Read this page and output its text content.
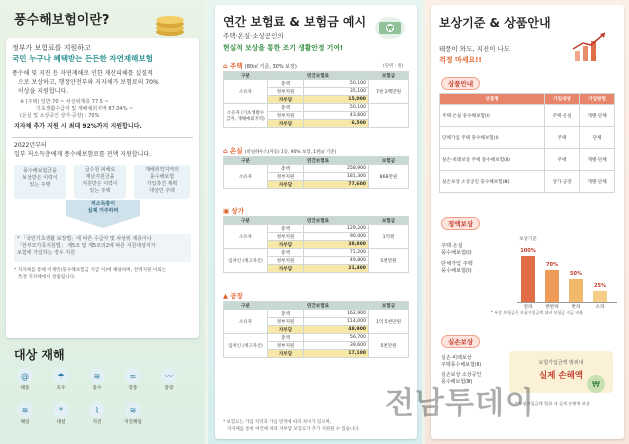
풍수해보험이란?
정부가 보험료를 지원하고
국민 누구나 혜택받는 든든한 자연재해보험
풍수해 및 지진 등 자연재해로 인한 재산피해를 실질적
으로 보상하고, 행정안전부와 지자체가 보험료의 70%
이상을 지원합니다.
※ (주택) 일반 70 ~ 차상위계층 77.5 ~
기초생활수급자 및 재해예외지역 87.04% ~
(온실 및 소상공인 상가·공장) : 70%
지자체 추가 지원 시 최대 92%까지 지원합니다.
2022년부터
일부 저소득층에게 풍수해보험료를 전액 지원합니다.
풍수해보험금을
보상받은 이력이
있는 주택
급수원 피해로
재난지원금을
지원받은 이력이
있는 주택
재해취약지역의
풍수해보험
가입촉진 계획
대상인 주택
저소득층이
실제 거주하며
* 「국민기초생활 보장법」에 따른 수급자 및 차상위 계층이나
「한부모가족지원법」 제5조 및 제5조의2에 따른 지원대상자가
보험에 가입하는 경우 지원
* 지자체를 통해 이재민(풍수해보험금 지급 이)에 해당하며, 전액지원 이외는
특정 지자체에서 창립됩니다.
대상 재해
@
태풍
☂
호우
≋
홍수
≈
강풍
〰
풍랑
≋
해일
*
대설
⌇
지진
≋
지진해일
연간 보험료 & 보험금 예시
주택·온실·소상공인의
현실적 보상을 통한 조기 생활안정 기여!
₩
⌂ 주택 (80㎡ 기준, 30% 보장)	(단위 : 원)
구분	연간보험료		보험금
소유자	총액	50,100	7천 2백만원
	정부지원	35,100	
	자부담	15,000	
소유자 (기초생활수급자, 재해예외지역)	총액	50,100	
	정부지원	43,600	
	자부담	6,500	
⌂ 온실 (비닐하우스(자동) 1동, 90% 보장, 1천㎡ 기준)
구분	연간보험료		보험금
소유자	총액	258,900	868만원
	정부지원	181,300	
	자부담	77,600	
▣ 상가
구분	연간보험료		보험금
소유자	총액	129,200	1억원
	정부지원	90,400	
	자부담	38,800	
임차인 (재고자산)	총액	71,200	5천만원
	정부지원	49,800	
	자부담	21,400	
▲ 공장
구분	연간보험료		보험금
소유자	총액	162,900	1억 5천만원
	정부지원	114,000	
	자부담	48,900	
임차인 (재고자산)	총액	56,700	5천만원
	정부지원	39,600	
	자부담	17,100	
* 보험료는 가입 지역과 가입 면적에 따라 차이가 있으며,
지자체를 통한 여건에 따라 자부담 보험료가 추가 지원될 수 있습니다.
보상기준 & 상품안내
태풍이 와도, 지진이 나도
걱정 마세요!!
상품안내
상품명	가입대상	가입방법
주택·온실 풍수해보험(Ⅰ)	주택·온실	개별·단체
단체가입 주택 풍수해보험(Ⅰ)	주택	단체
실손·비례보상 주택 풍수해보험(Ⅱ)	주택	개별·단체
실손보상 소상공인 풍수해보험(Ⅲ)	상가·공장	개별·단체
정액보상
주택·온실
풍수해보험(Ⅰ)
단체가입 주택
풍수해보험(Ⅰ)
보상기준
100%
전파
70%
반반파
50%
반파
25%
소파
* 부상 보험금은 보험가입금액 대비 보험금 지급 비율
실손보상
실손·비례보상
주택풍수해보험(Ⅱ)
실손보상 소상공인
풍수해보험(Ⅲ)
보험가입금액 범위내
실제 손해액
₩
* 보험가입금액 범위 내 실제 손해액 보상
전남투데이
